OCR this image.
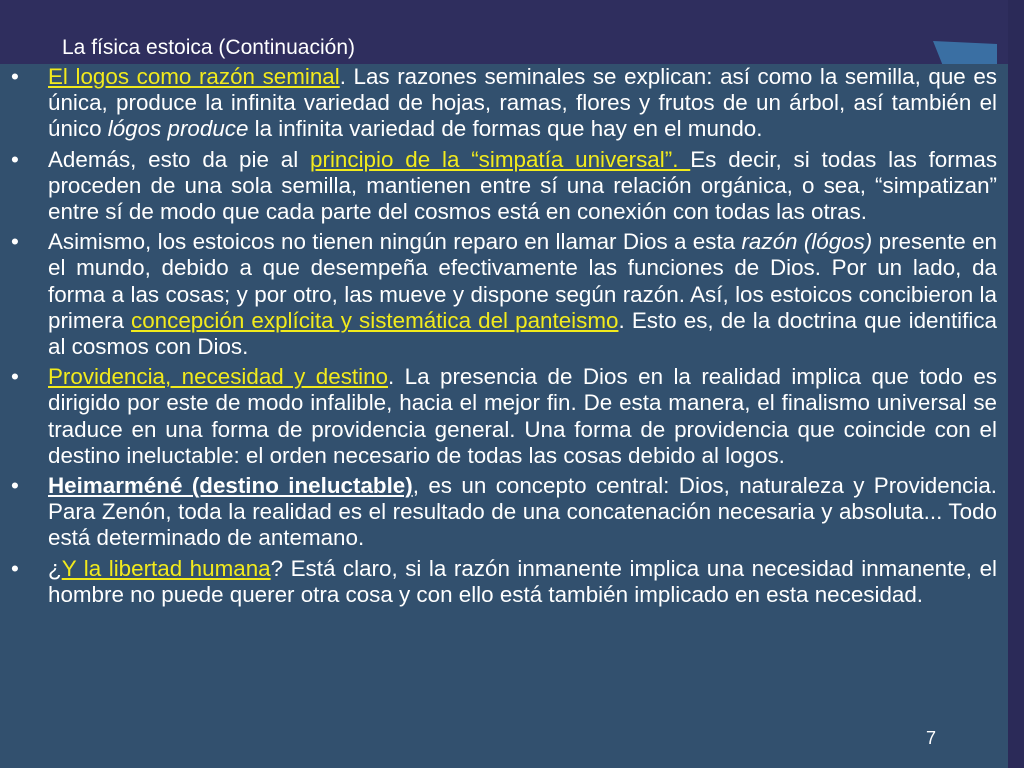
La física estoica (Continuación)
• El logos como razón seminal. Las razones seminales se explican: así como la semilla, que es única, produce la infinita variedad de hojas, ramas, flores y frutos de un árbol, así también el único lógos produce la infinita variedad de formas que hay en el mundo.
• Además, esto da pie al principio de la “simpatía universal”. Es decir, si todas las formas proceden de una sola semilla, mantienen entre sí una relación orgánica, o sea, “simpatizan” entre sí de modo que cada parte del cosmos está en conexión con todas las otras.
• Asimismo, los estoicos no tienen ningún reparo en llamar Dios a esta razón (lógos) presente en el mundo, debido a que desempeña efectivamente las funciones de Dios. Por un lado, da forma a las cosas; y por otro, las mueve y dispone según razón. Así, los estoicos concibieron la primera concepción explícita y sistemática del panteismo. Esto es, de la doctrina que identifica al cosmos con Dios.
• Providencia, necesidad y destino. La presencia de Dios en la realidad implica que todo es dirigido por este de modo infalible, hacia el mejor fin. De esta manera, el finalismo universal se traduce en una forma de providencia general. Una forma de providencia que coincide con el destino ineluctable: el orden necesario de todas las cosas debido al logos.
• Heimarméné (destino ineluctable), es un concepto central: Dios, naturaleza y Providencia. Para Zenón, toda la realidad es el resultado de una concatenación necesaria y absoluta... Todo está determinado de antemano.
• ¿Y la libertad humana? Está claro, si la razón inmanente implica una necesidad inmanente, el hombre no puede querer otra cosa y con ello está también implicado en esta necesidad.
7
